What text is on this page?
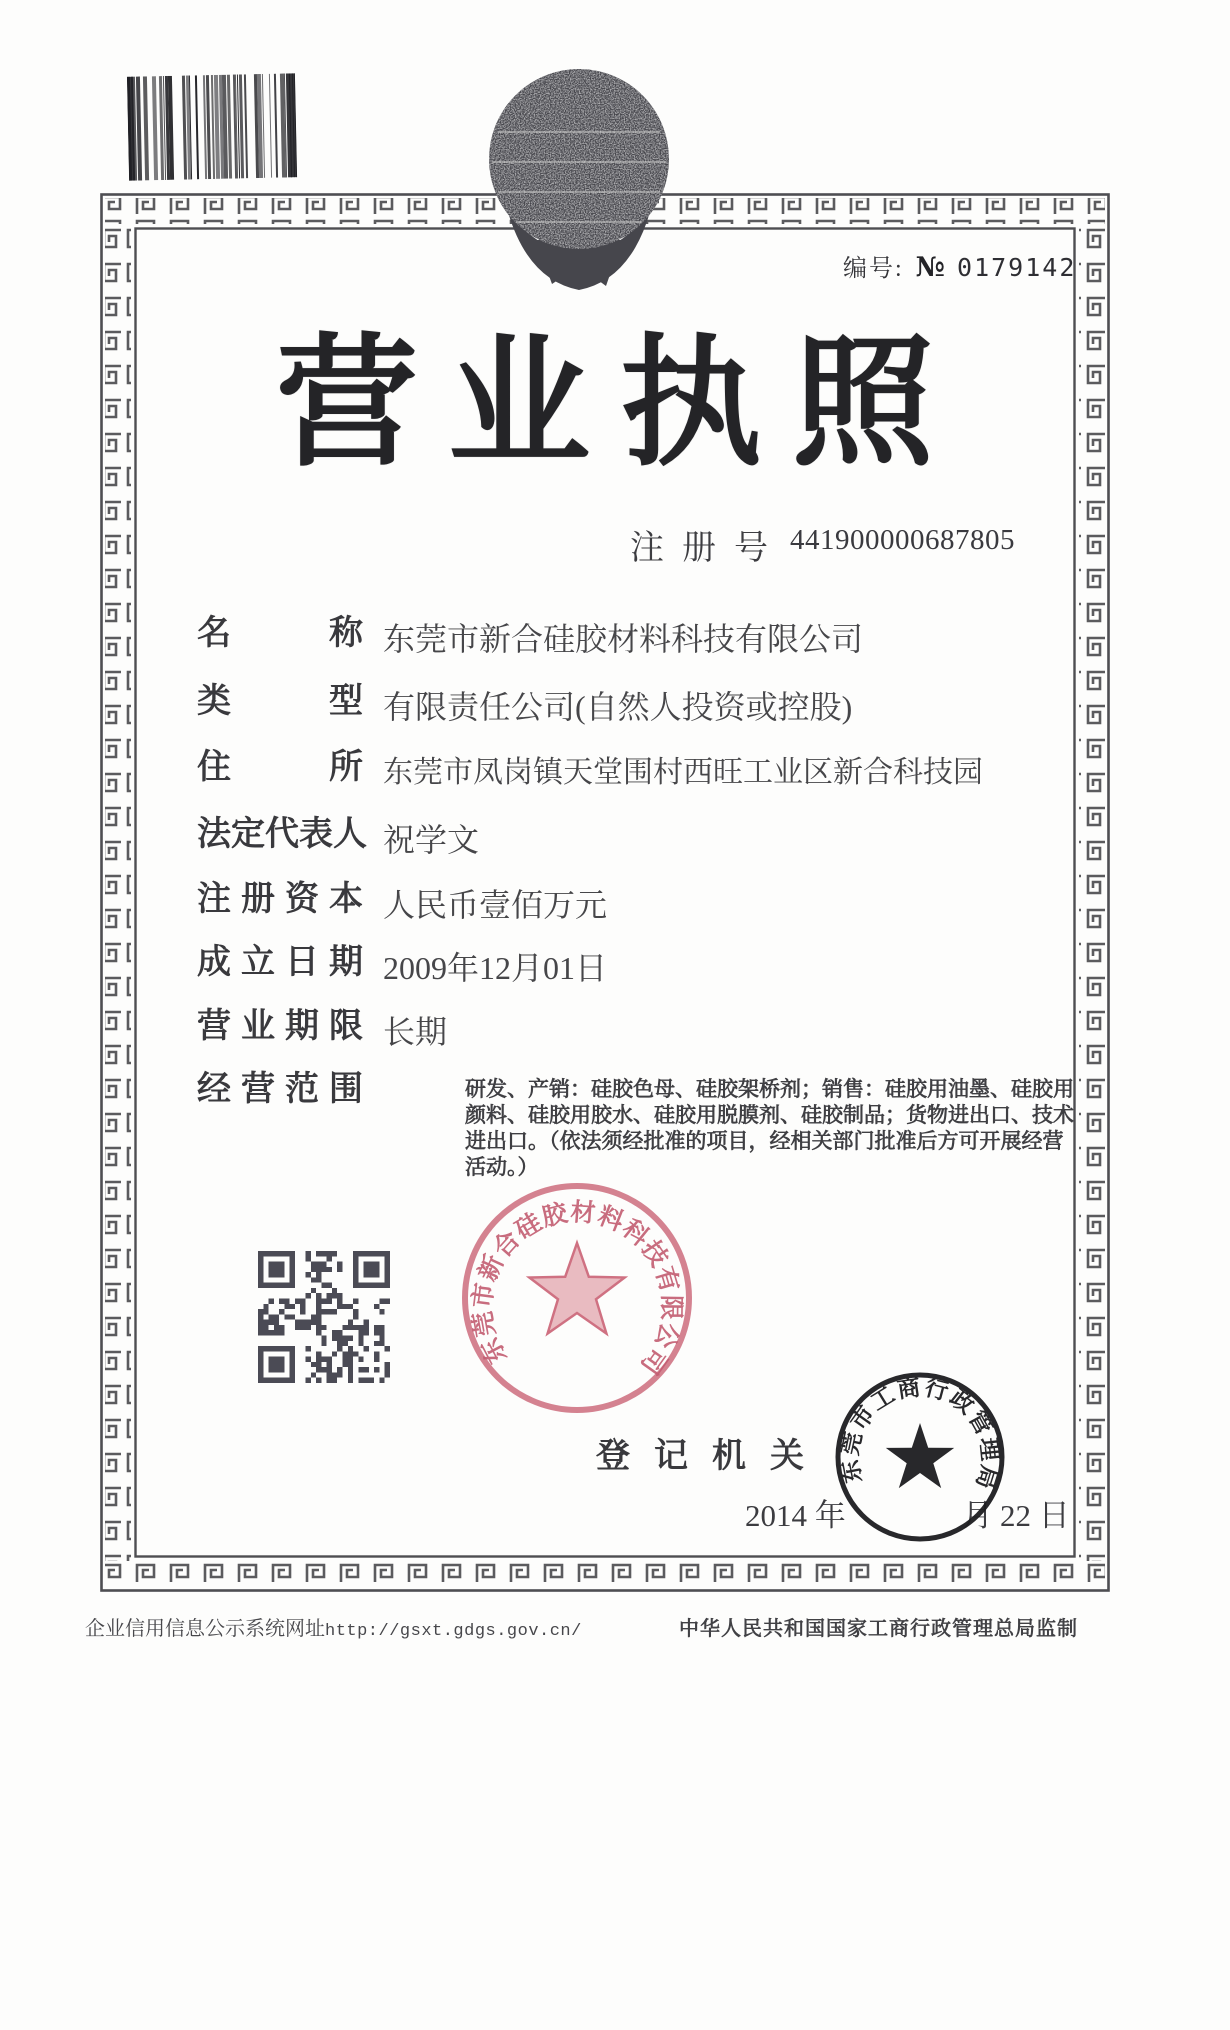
编号: № 0179142
营业执照
注册号 441900000687805
名	称 东莞市新合硅胶材料科技有限公司
类	型 有限责任公司(自然人投资或控股)
住	所 东莞市凤岗镇天堂围村西旺工业区新合科技园
法 定 代 表 人 祝学文
注 册 资 本 人民币壹佰万元
成 立 日 期 2009年12月01日
营 业 期 限 长期
经 营 范 围	研发、产销：硅胶色母、硅胶架桥剂；销售：硅胶用油墨、硅胶用颜料、硅胶用胶水、硅胶用脱膜剂、硅胶制品；货物进出口、技术进出口。（依法须经批准的项目，经相关部门批准后方可开展经营活动。）
东莞市新合硅胶材料科技有限公司
登记机关
2014 年	月 22 日
东莞市工商行政管理局
企业信用信息公示系统网址http://gsxt.gdgs.gov.cn/	中华人民共和国国家工商行政管理总局监制
